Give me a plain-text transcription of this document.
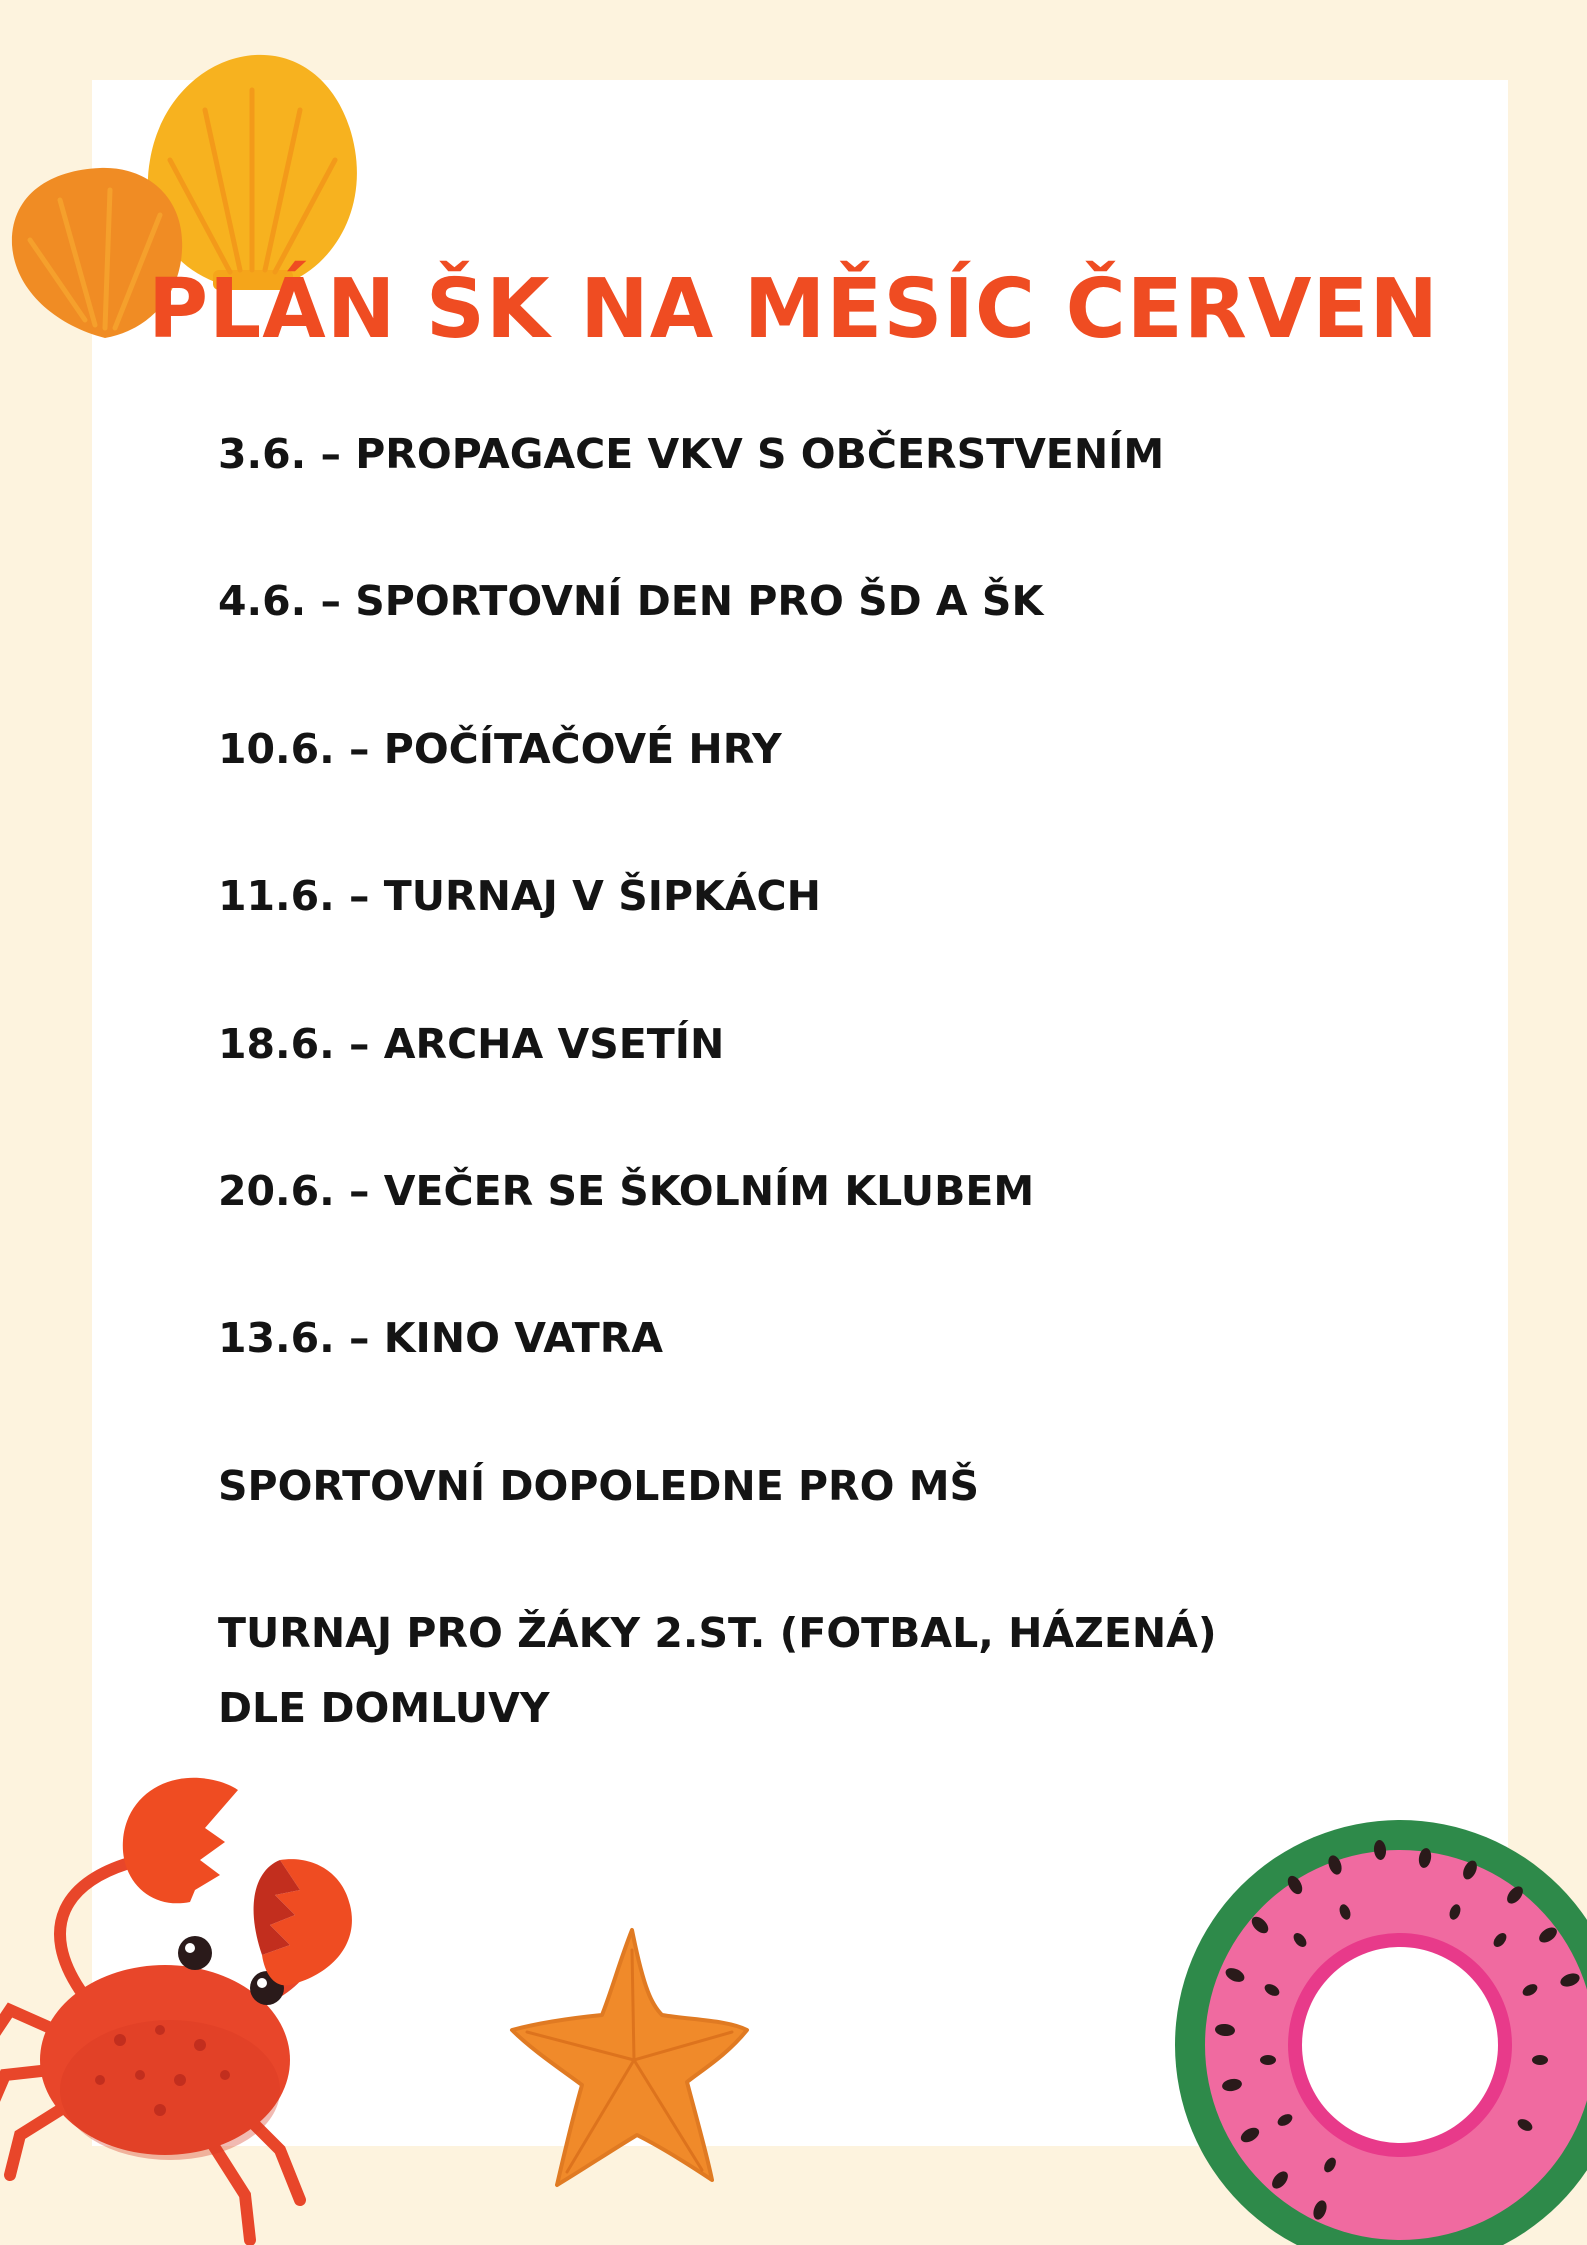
PLÁN ŠK NA MĚSÍC ČERVEN

3.6. – PROPAGACE VKV S OBČERSTVENÍM

4.6. – SPORTOVNÍ DEN PRO ŠD A ŠK

10.6. – POČÍTAČOVÉ HRY

11.6. – TURNAJ V ŠIPKÁCH

18.6. – ARCHA VSETÍN

20.6. – VEČER SE ŠKOLNÍM KLUBEM

13.6. – KINO VATRA

SPORTOVNÍ DOPOLEDNE PRO MŠ

TURNAJ PRO ŽÁKY 2.ST. (FOTBAL, HÁZENÁ)

DLE DOMLUVY
